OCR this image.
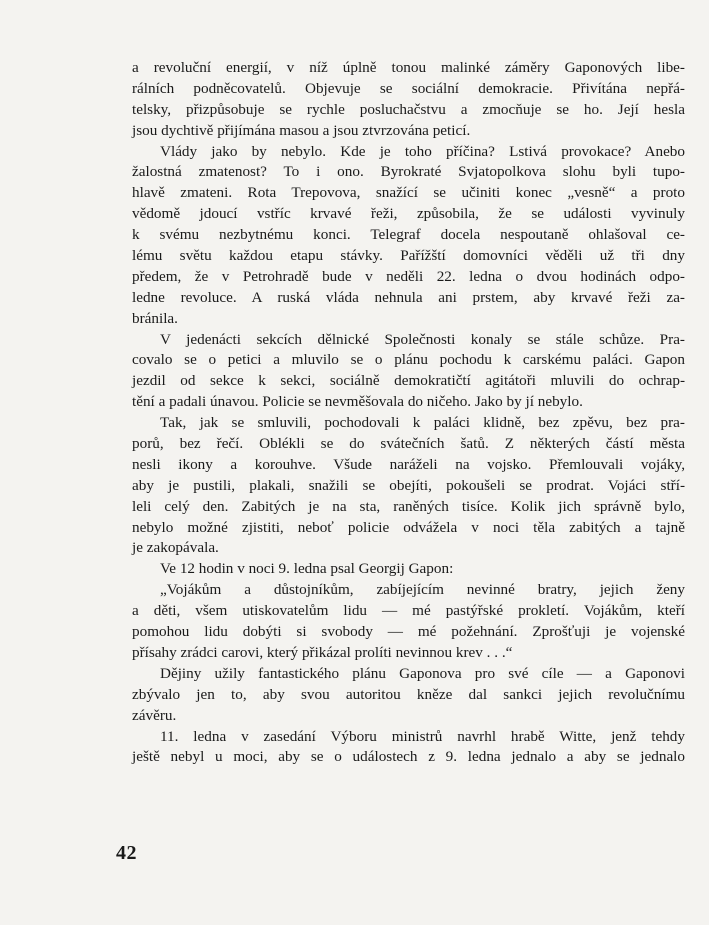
a revoluční energií, v níž úplně tonou malinké záměry Gaponových libe-
rálních podněcovatelů. Objevuje se sociální demokracie. Přivítána nepřá-
telsky, přizpůsobuje se rychle posluchačstvu a zmocňuje se ho. Její hesla
jsou dychtivě přijímána masou a jsou ztvrzována peticí.
Vlády jako by nebylo. Kde je toho příčina? Lstivá provokace? Anebo
žalostná zmatenost? To i ono. Byrokraté Svjatopolkova slohu byli tupo-
hlavě zmateni. Rota Trepovova, snažící se učiniti konec „vesně“ a proto
vědomě jdoucí vstříc krvavé řeži, způsobila, že se události vyvinuly
k svému nezbytnému konci. Telegraf docela nespoutaně ohlašoval ce-
lému světu každou etapu stávky. Pařížští domovníci věděli už tři dny
předem, že v Petrohradě bude v neděli 22. ledna o dvou hodinách odpo-
ledne revoluce. A ruská vláda nehnula ani prstem, aby krvavé řeži za-
bránila.
V jedenácti sekcích dělnické Společnosti konaly se stále schůze. Pra-
covalo se o petici a mluvilo se o plánu pochodu k carskému paláci. Gapon
jezdil od sekce k sekci, sociálně demokratičtí agitátoři mluvili do ochrap-
tění a padali únavou. Policie se nevměšovala do ničeho. Jako by jí nebylo.
Tak, jak se smluvili, pochodovali k paláci klidně, bez zpěvu, bez pra-
porů, bez řečí. Oblékli se do svátečních šatů. Z některých částí města
nesli ikony a korouhve. Všude naráželi na vojsko. Přemlouvali vojáky,
aby je pustili, plakali, snažili se obejíti, pokoušeli se prodrat. Vojáci stří-
leli celý den. Zabitých je na sta, raněných tisíce. Kolik jich správně bylo,
nebylo možné zjistiti, neboť policie odvážela v noci těla zabitých a tajně
je zakopávala.
Ve 12 hodin v noci 9. ledna psal Georgij Gapon:
„Vojákům a důstojníkům, zabíjejícím nevinné bratry, jejich ženy
a děti, všem utiskovatelům lidu — mé pastýřské prokletí. Vojákům, kteří
pomohou lidu dobýti si svobody — mé požehnání. Zprošťuji je vojenské
přísahy zrádci carovi, který přikázal prolíti nevinnou krev . . .“
Dějiny užily fantastického plánu Gaponova pro své cíle — a Gaponovi
zbývalo jen to, aby svou autoritou kněze dal sankci jejich revolučnímu
závěru.
11. ledna v zasedání Výboru ministrů navrhl hrabě Witte, jenž tehdy
ještě nebyl u moci, aby se o událostech z 9. ledna jednalo a aby se jednalo
42
